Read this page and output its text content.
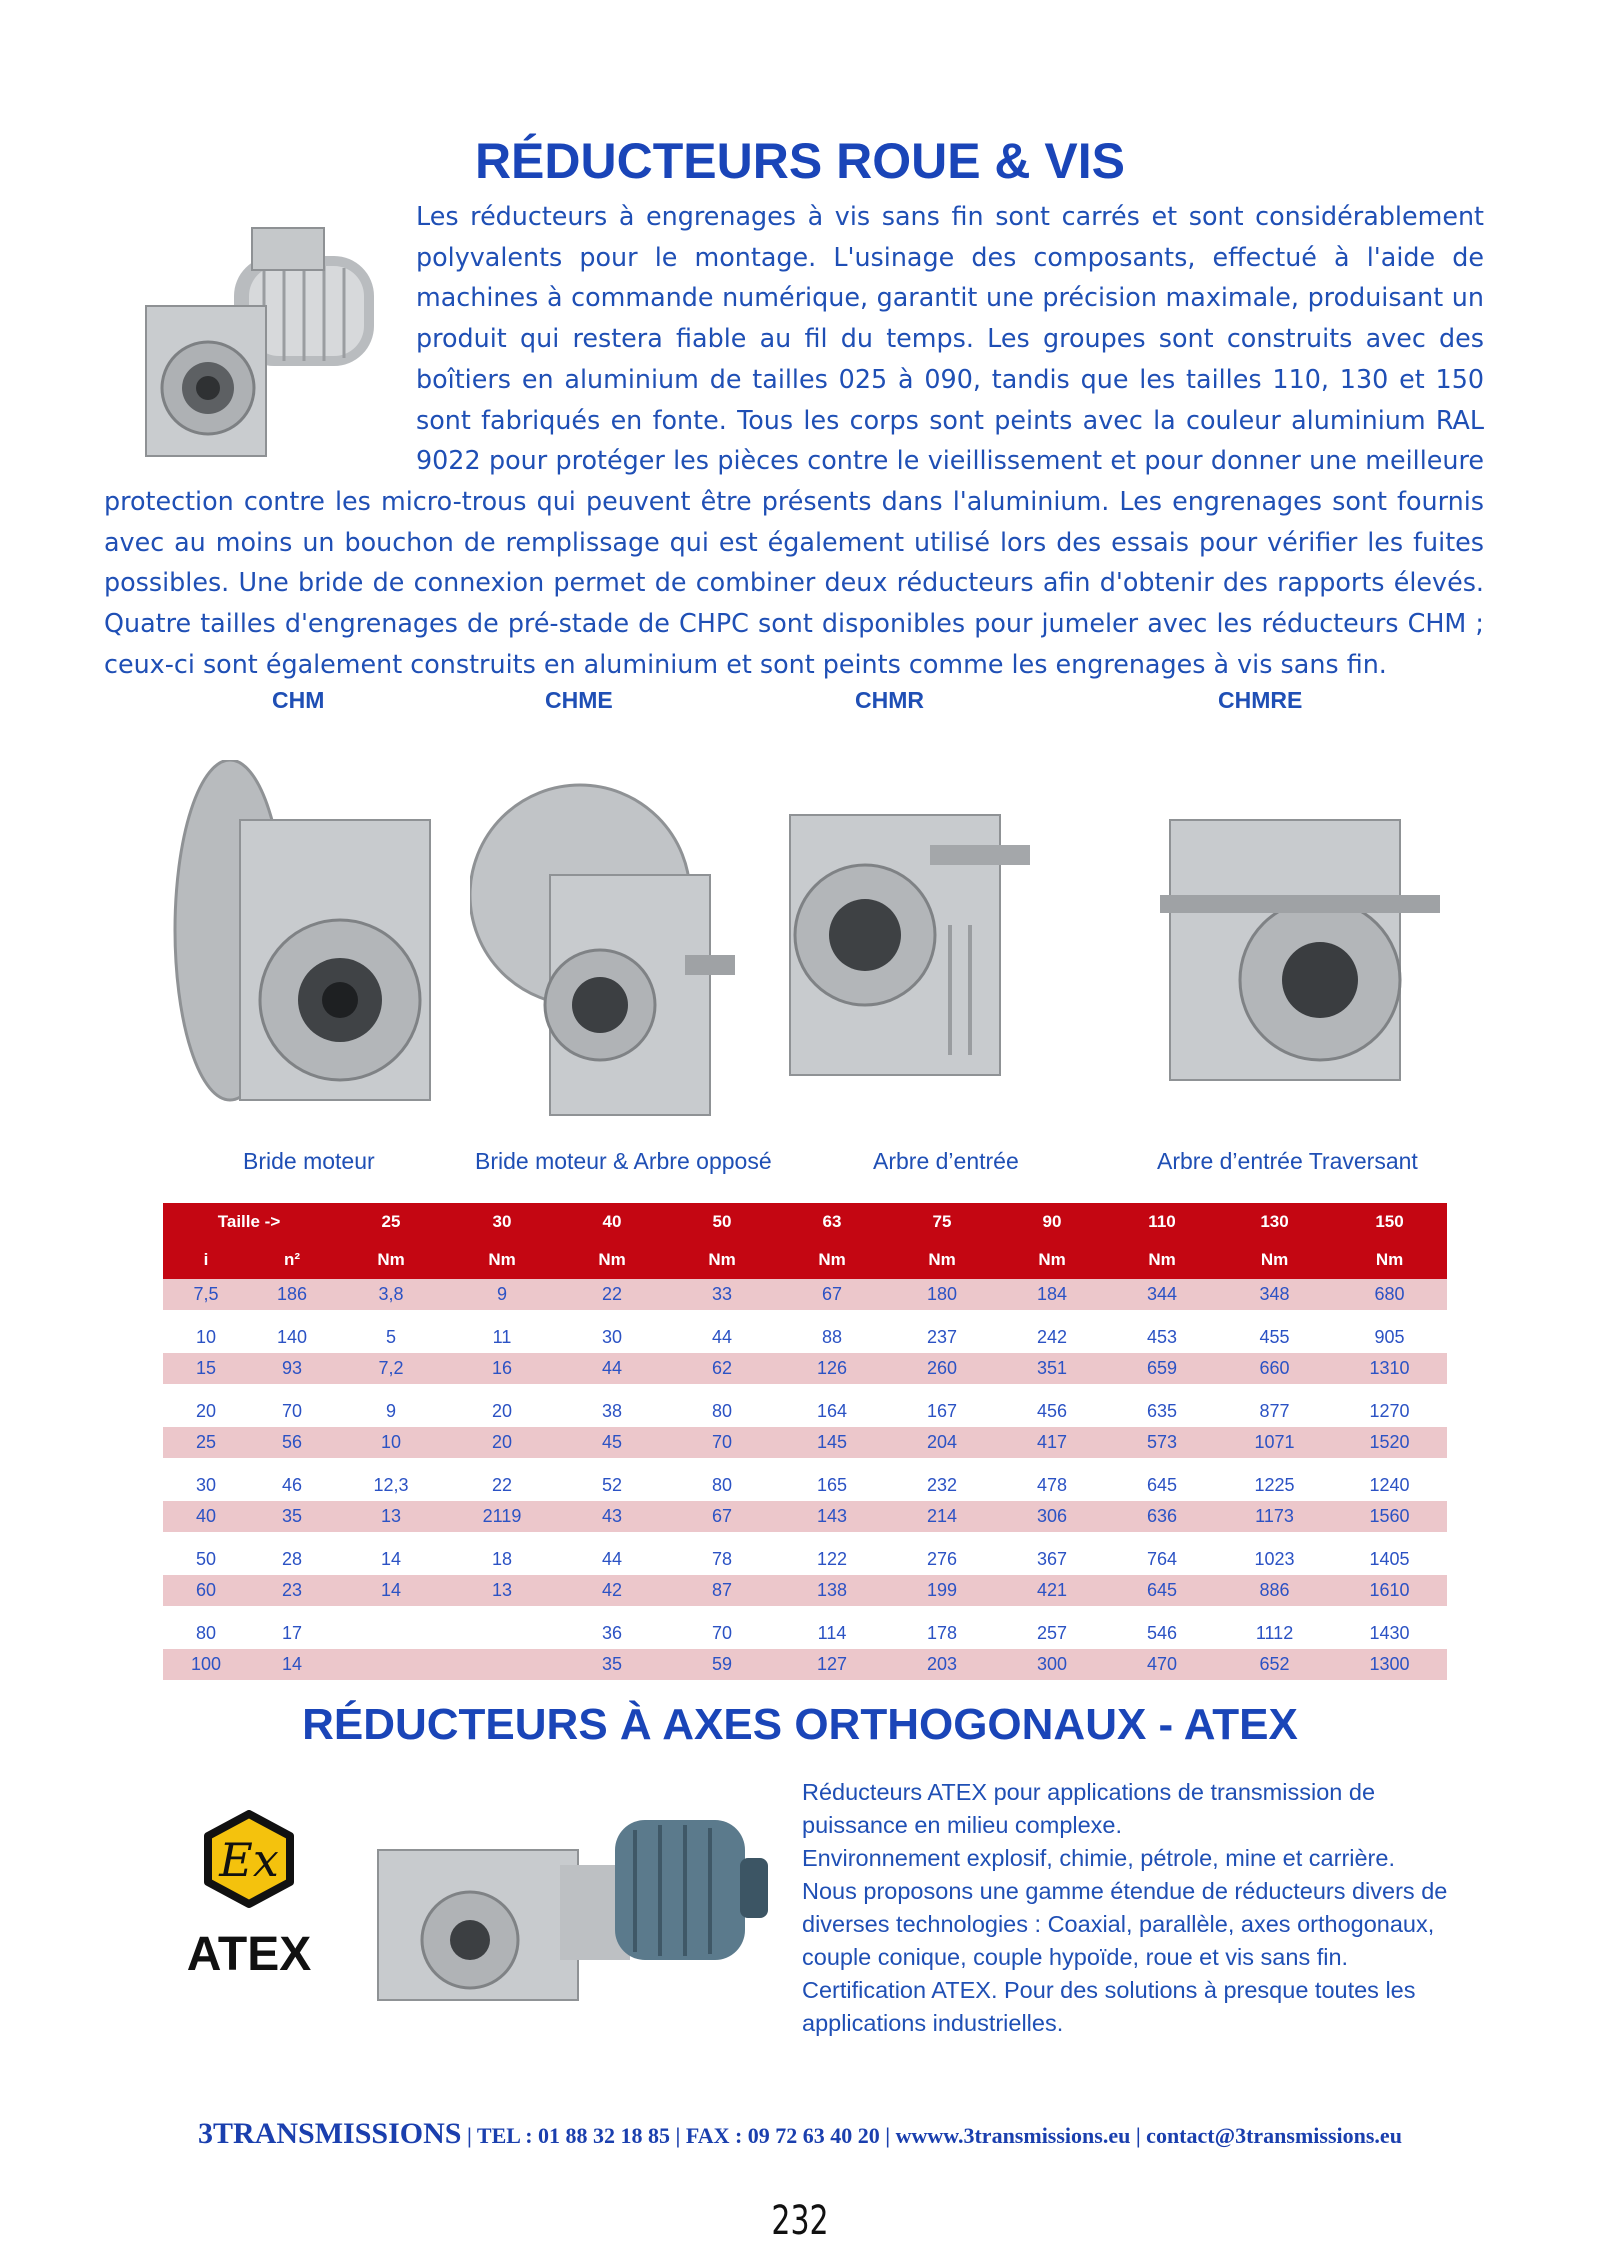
RÉDUCTEURS ROUE & VIS
Les réducteurs à engrenages à vis sans fin sont carrés et sont considérablement polyvalents pour le montage. L'usinage des composants, effectué à l'aide de machines à commande numérique, garantit une précision maximale, produisant un produit qui restera fiable au fil du temps. Les groupes sont construits avec des boîtiers en aluminium de tailles 025 à 090, tandis que les tailles 110, 130 et 150 sont fabriqués en fonte. Tous les corps sont peints avec la couleur aluminium RAL 9022 pour protéger les pièces contre le vieillissement et pour donner une meilleure protection contre les micro-trous qui peuvent être présents dans l'aluminium. Les engrenages sont fournis avec au moins un bouchon de remplissage qui est également utilisé lors des essais pour vérifier les fuites possibles. Une bride de connexion permet de combiner deux réducteurs afin d'obtenir des rapports élevés. Quatre tailles d'engrenages de pré-stade de CHPC sont disponibles pour jumeler avec les réducteurs CHM ; ceux-ci sont également construits en aluminium et sont peints comme les engrenages à vis sans fin.
CHM	CHME	CHMR	CHMRE
Bride moteur	Bride moteur & Arbre opposé	Arbre d’entrée	Arbre d’entrée Traversant
Taille ->		25	30	40	50	63	75	90	110	130	150
i	n²	Nm	Nm	Nm	Nm	Nm	Nm	Nm	Nm	Nm	Nm
7,5	186	3,8	9	22	33	67	180	184	344	348	680

10	140	5	11	30	44	88	237	242	453	455	905
15	93	7,2	16	44	62	126	260	351	659	660	1310

20	70	9	20	38	80	164	167	456	635	877	1270
25	56	10	20	45	70	145	204	417	573	1071	1520

30	46	12,3	22	52	80	165	232	478	645	1225	1240
40	35	13	2119	43	67	143	214	306	636	1173	1560

50	28	14	18	44	78	122	276	367	764	1023	1405
60	23	14	13	42	87	138	199	421	645	886	1610

80	17			36	70	114	178	257	546	1112	1430
100	14			35	59	127	203	300	470	652	1300
RÉDUCTEURS À AXES ORTHOGONAUX - ATEX
Ex
ATEX

Réducteurs ATEX pour applications de transmission de puissance en milieu complexe.

Environnement explosif, chimie, pétrole, mine et carrière.

Nous proposons une gamme étendue de réducteurs divers de diverses technologies : Coaxial, parallèle, axes orthogonaux, couple conique, couple hypoïde, roue et vis sans fin.

Certification ATEX. Pour des solutions à presque toutes les applications industrielles.

3TRANSMISSIONS | TEL : 01 88 32 18 85 | FAX : 09 72 63 40 20 | wwww.3transmissions.eu | contact@3transmissions.eu
232
